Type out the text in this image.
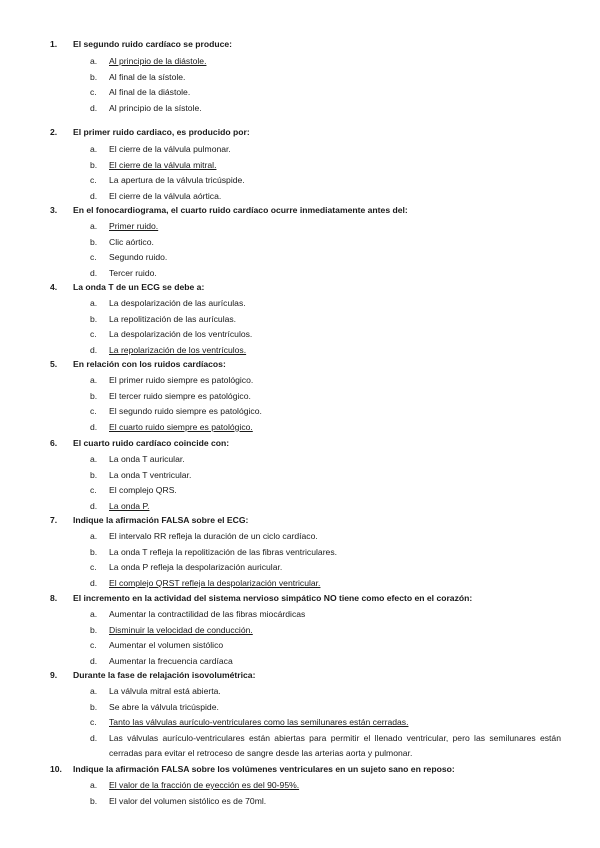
1.	El segundo ruido cardíaco se produce:
a.	Al principio de la diástole.
b.	Al final de la sístole.
c.	Al final de la diástole.
d.	Al principio de la sístole.
2.	El primer ruido cardiaco, es producido por:
a.	El cierre de la válvula pulmonar.
b.	El cierre de la válvula mitral.
c.	La apertura de la válvula tricúspide.
d.	El cierre de la válvula aórtica.
3.	En el fonocardiograma, el cuarto ruido cardíaco ocurre inmediatamente antes del:
a.	Primer ruido.
b.	Clic aórtico.
c.	Segundo ruido.
d.	Tercer ruido.
4.	La onda T de un ECG se debe a:
a.	La despolarización de las aurículas.
b.	La repolitización de las aurículas.
c.	La despolarización de los ventrículos.
d.	La repolarización de los ventrículos.
5.	En relación con los ruidos cardíacos:
a.	El primer ruido siempre es patológico.
b.	El tercer ruido siempre es patológico.
c.	El segundo ruido siempre es patológico.
d.	El cuarto ruido siempre es patológico.
6.	El cuarto ruido cardíaco coincide con:
a.	La onda T auricular.
b.	La onda T ventricular.
c.	El complejo QRS.
d.	La onda P.
7.	Indique la afirmación FALSA sobre el ECG:
a.	El intervalo RR refleja la duración de un ciclo cardíaco.
b.	La onda T refleja la repolitización de las fibras ventriculares.
c.	La onda P refleja la despolarización auricular.
d.	El complejo QRST refleja la despolarización ventricular.
8.	El incremento en la actividad del sistema nervioso simpático NO tiene como efecto en el corazón:
a.	Aumentar la contractilidad de las fibras miocárdicas
b.	Disminuir la velocidad de conducción.
c.	Aumentar el volumen sistólico
d.	Aumentar la frecuencia cardíaca
9.	Durante la fase de relajación isovolumétrica:
a.	La válvula mitral está abierta.
b.	Se abre la válvula tricúspide.
c.	Tanto las válvulas aurículo-ventriculares como las semilunares están cerradas.
d.	Las válvulas aurículo-ventriculares están abiertas para permitir el llenado ventricular, pero las semilunares están cerradas para evitar el retroceso de sangre desde las arterias aorta y pulmonar.
10.	Indique la afirmación FALSA sobre los volúmenes ventriculares en un sujeto sano en reposo:
a.	El valor de la fracción de eyección es del 90-95%.
b.	El valor del volumen sistólico es de 70ml.
